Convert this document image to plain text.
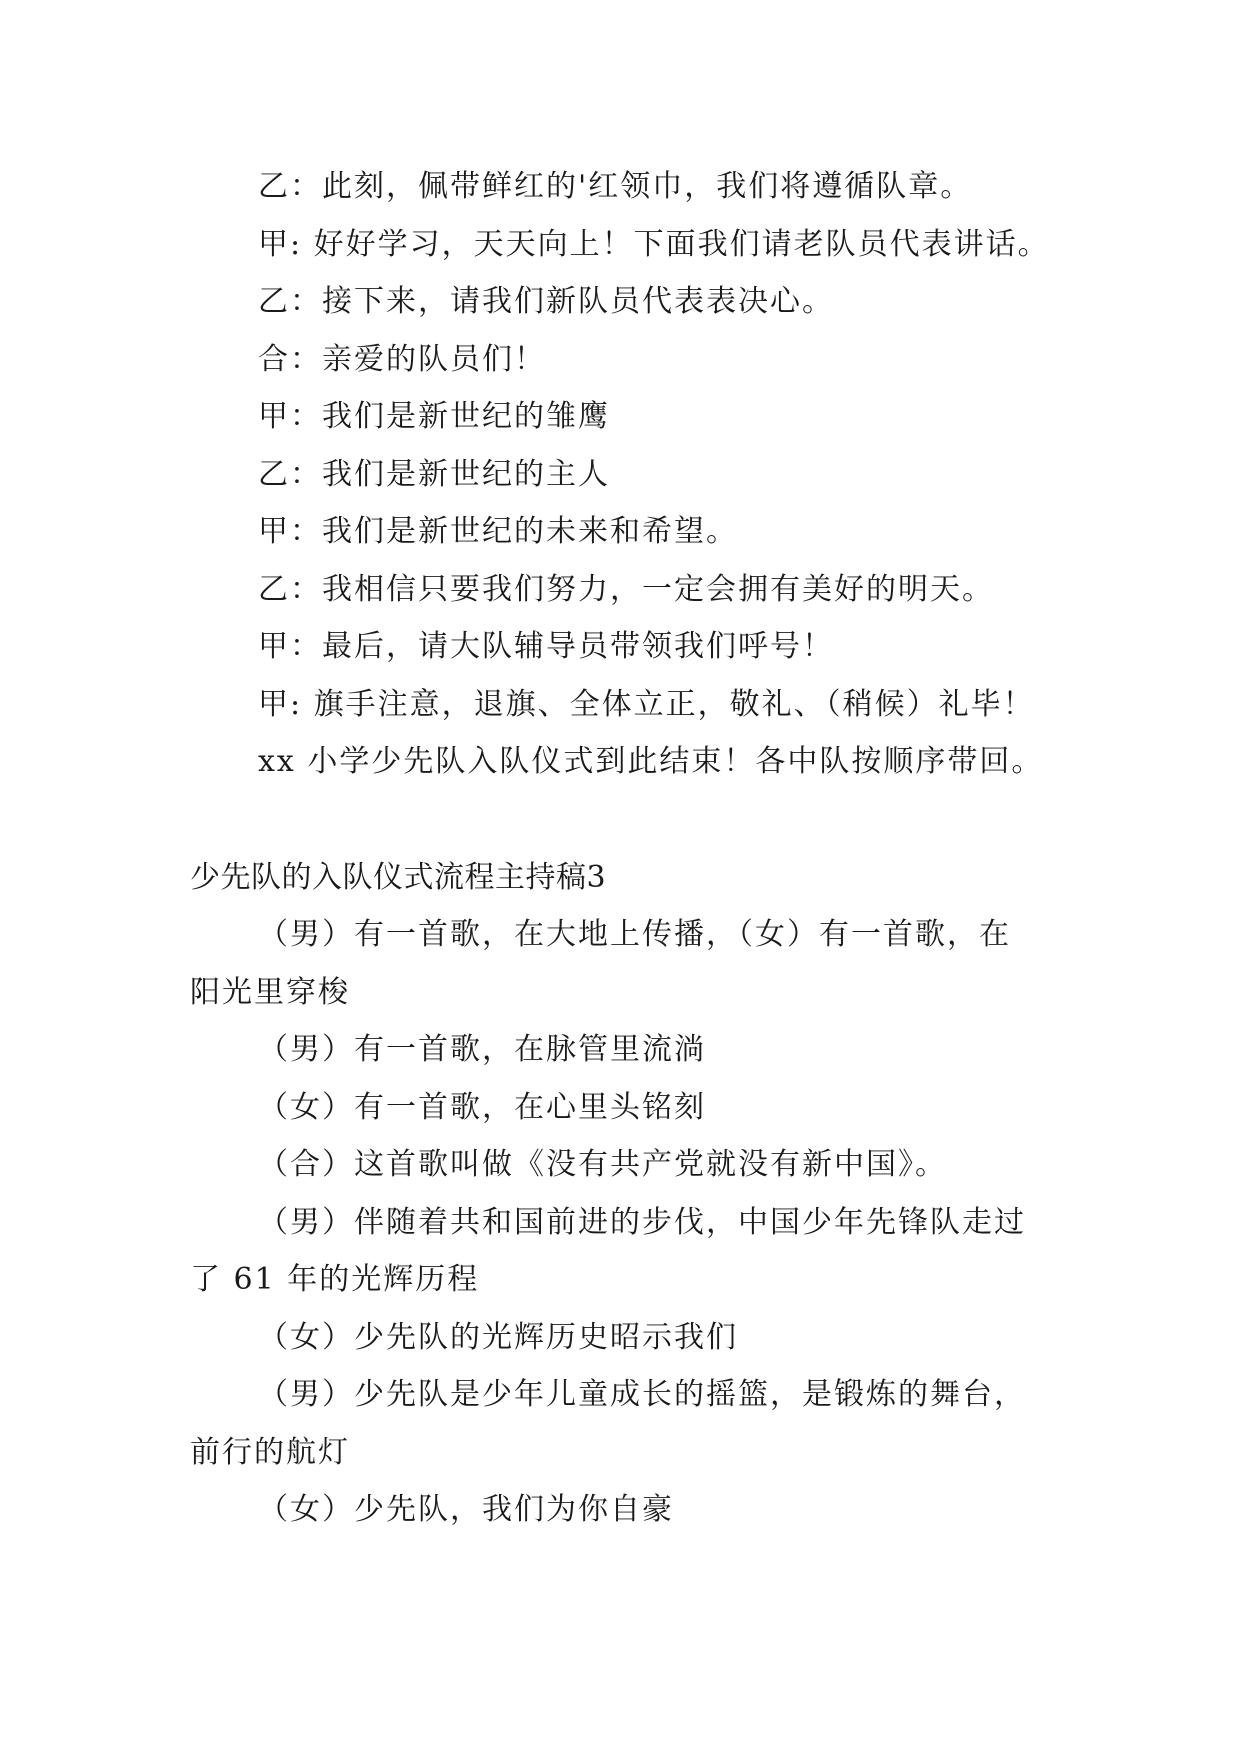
乙：此刻，佩带鲜红的'红领巾，我们将遵循队章。
甲: 好好学习，天天向上！下面我们请老队员代表讲话。
乙：接下来，请我们新队员代表表决心。
合：亲爱的队员们！
甲：我们是新世纪的雏鹰
乙：我们是新世纪的主人
甲：我们是新世纪的未来和希望。
乙：我相信只要我们努力，一定会拥有美好的明天。
甲：最后，请大队辅导员带领我们呼号！
甲: 旗手注意，退旗、全体立正，敬礼、（稍候）礼毕！
xx 小学少先队入队仪式到此结束！各中队按顺序带回。
少先队的入队仪式流程主持稿3
（男）有一首歌，在大地上传播，（女）有一首歌，在
阳光里穿梭
（男）有一首歌，在脉管里流淌
（女）有一首歌，在心里头铭刻
（合）这首歌叫做《没有共产党就没有新中国》。
（男）伴随着共和国前进的步伐，中国少年先锋队走过
了 61 年的光辉历程
（女）少先队的光辉历史昭示我们
（男）少先队是少年儿童成长的摇篮，是锻炼的舞台，
前行的航灯
（女）少先队，我们为你自豪
